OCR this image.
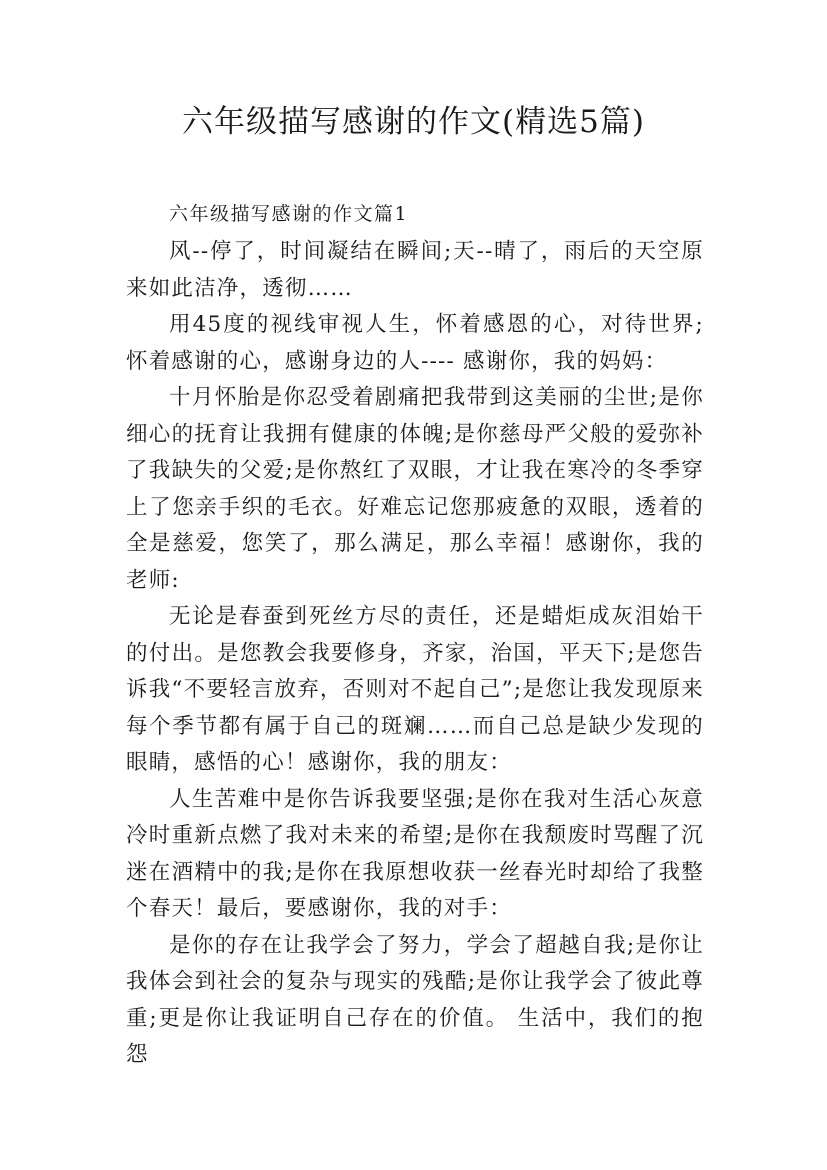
六年级描写感谢的作文(精选5篇)

六年级描写感谢的作文篇1

风--停了，时间凝结在瞬间;天--晴了，雨后的天空原来如此洁净，透彻……

用45度的视线审视人生，怀着感恩的心，对待世界;怀着感谢的心，感谢身边的人---- 感谢你，我的妈妈：

十月怀胎是你忍受着剧痛把我带到这美丽的尘世;是你细心的抚育让我拥有健康的体魄;是你慈母严父般的爱弥补了我缺失的父爱;是你熬红了双眼，才让我在寒冷的冬季穿上了您亲手织的毛衣。好难忘记您那疲惫的双眼，透着的全是慈爱，您笑了，那么满足，那么幸福！感谢你，我的老师:

无论是春蚕到死丝方尽的责任，还是蜡炬成灰泪始干的付出。是您教会我要修身，齐家，治国，平天下;是您告诉我“不要轻言放弃，否则对不起自己”;是您让我发现原来每个季节都有属于自己的斑斓……而自己总是缺少发现的眼睛，感悟的心！感谢你，我的朋友：

人生苦难中是你告诉我要坚强;是你在我对生活心灰意冷时重新点燃了我对未来的希望;是你在我颓废时骂醒了沉迷在酒精中的我;是你在我原想收获一丝春光时却给了我整个春天！最后，要感谢你，我的对手：

是你的存在让我学会了努力，学会了超越自我;是你让我体会到社会的复杂与现实的残酷;是你让我学会了彼此尊重;更是你让我证明自己存在的价值。 生活中，我们的抱怨
